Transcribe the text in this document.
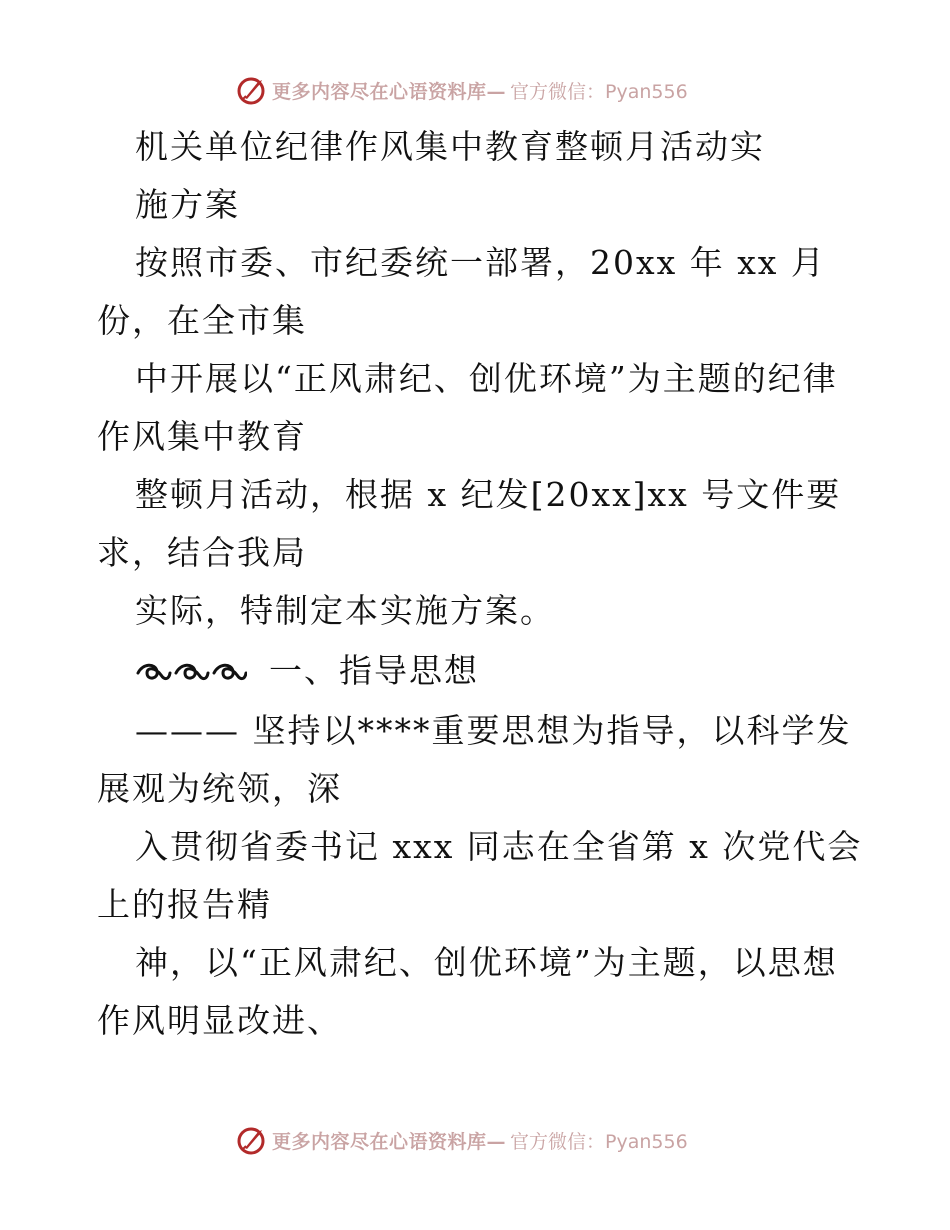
更多内容尽在心语资料库— 官方微信：Pyan556
机关单位纪律作风集中教育整顿月活动实
施方案
按照市委、市纪委统一部署，20xx 年 xx 月
份，在全市集
中开展以“正风肃纪、创优环境”为主题的纪律
作风集中教育
整顿月活动，根据 x 纪发[20xx]xx 号文件要
求，结合我局
实际，特制定本实施方案。
一、指导思想
——— 坚持以****重要思想为指导，以科学发
展观为统领，深
入贯彻省委书记 xxx 同志在全省第 x 次党代会
上的报告精
神，以“正风肃纪、创优环境”为主题，以思想
作风明显改进、
更多内容尽在心语资料库— 官方微信：Pyan556
